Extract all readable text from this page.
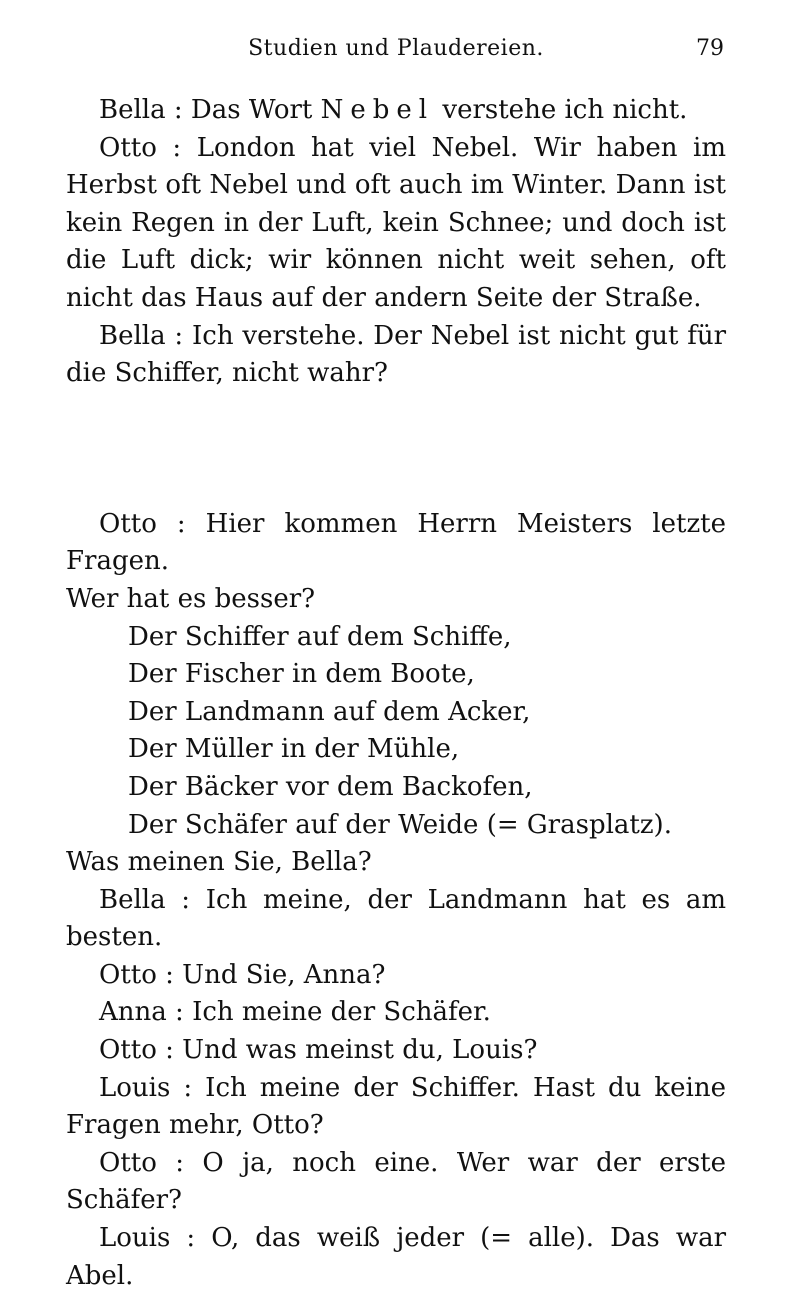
Studien und Plaudereien.	79

Bella : Das Wort Nebel verstehe ich nicht.

Otto : London hat viel Nebel. Wir haben im Herbst oft Nebel und oft auch im Winter. Dann ist kein Regen in der Luft, kein Schnee; und doch ist die Luft dick; wir können nicht weit sehen, oft nicht das Haus auf der andern Seite der Straße.

Bella : Ich verstehe. Der Nebel ist nicht gut für die Schiffer, nicht wahr?

Otto : Hier kommen Herrn Meisters letzte Fragen.

Wer hat es besser?

Der Schiffer auf dem Schiffe,
Der Fischer in dem Boote,
Der Landmann auf dem Acker,
Der Müller in der Mühle,
Der Bäcker vor dem Backofen,
Der Schäfer auf der Weide (= Grasplatz).

Was meinen Sie, Bella?

Bella : Ich meine, der Landmann hat es am besten.

Otto : Und Sie, Anna?

Anna : Ich meine der Schäfer.

Otto : Und was meinst du, Louis?

Louis : Ich meine der Schiffer. Hast du keine Fragen mehr, Otto?

Otto : O ja, noch eine. Wer war der erste Schäfer?

Louis : O, das weiß jeder (= alle). Das war Abel.
